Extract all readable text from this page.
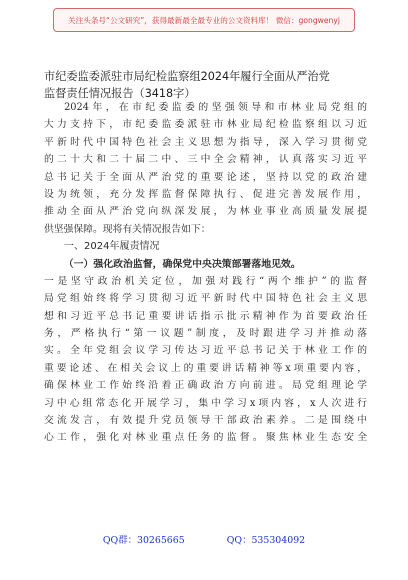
关注头条号“公文研究”，获得最新最全最专业的公文资料库！ 微信：gongwenyj
市纪委监委派驻市局纪检监察组2024年履行全面从严治党
监督责任情况报告（3418字）
2024年，在市纪委监委的坚强领导和市林业局党组的
大力支持下，市纪委监委派驻市林业局纪检监察组以习近
平新时代中国特色社会主义思想为指导，深入学习贯彻党
的二十大和二十届二中、三中全会精神，认真落实习近平
总书记关于全面从严治党的重要论述，坚持以党的政治建
设为统领，充分发挥监督保障执行、促进完善发展作用，
推动全面从严治党向纵深发展，为林业事业高质量发展提
供坚强保障。现将有关情况报告如下：
一、2024年履责情况
（一）强化政治监督，确保党中央决策部署落地见效。
一是坚守政治机关定位，加强对践行“两个维护”的监督
局党组始终将学习贯彻习近平新时代中国特色社会主义思
想和习近平总书记重要讲话指示批示精神作为首要政治任
务，严格执行“第一议题”制度，及时跟进学习并推动落
实。全年党组会议学习传达习近平总书记关于林业工作的
重要论述、在相关会议上的重要讲话精神等x项重要内容，
确保林业工作始终沿着正确政治方向前进。局党组理论学
习中心组常态化开展学习，集中学习x项内容，x人次进行
交流发言，有效提升党员领导干部政治素养。二是围绕中
心工作，强化对林业重点任务的监督。聚焦林业生态安全
QQ群：30265665	QQ：535304092
